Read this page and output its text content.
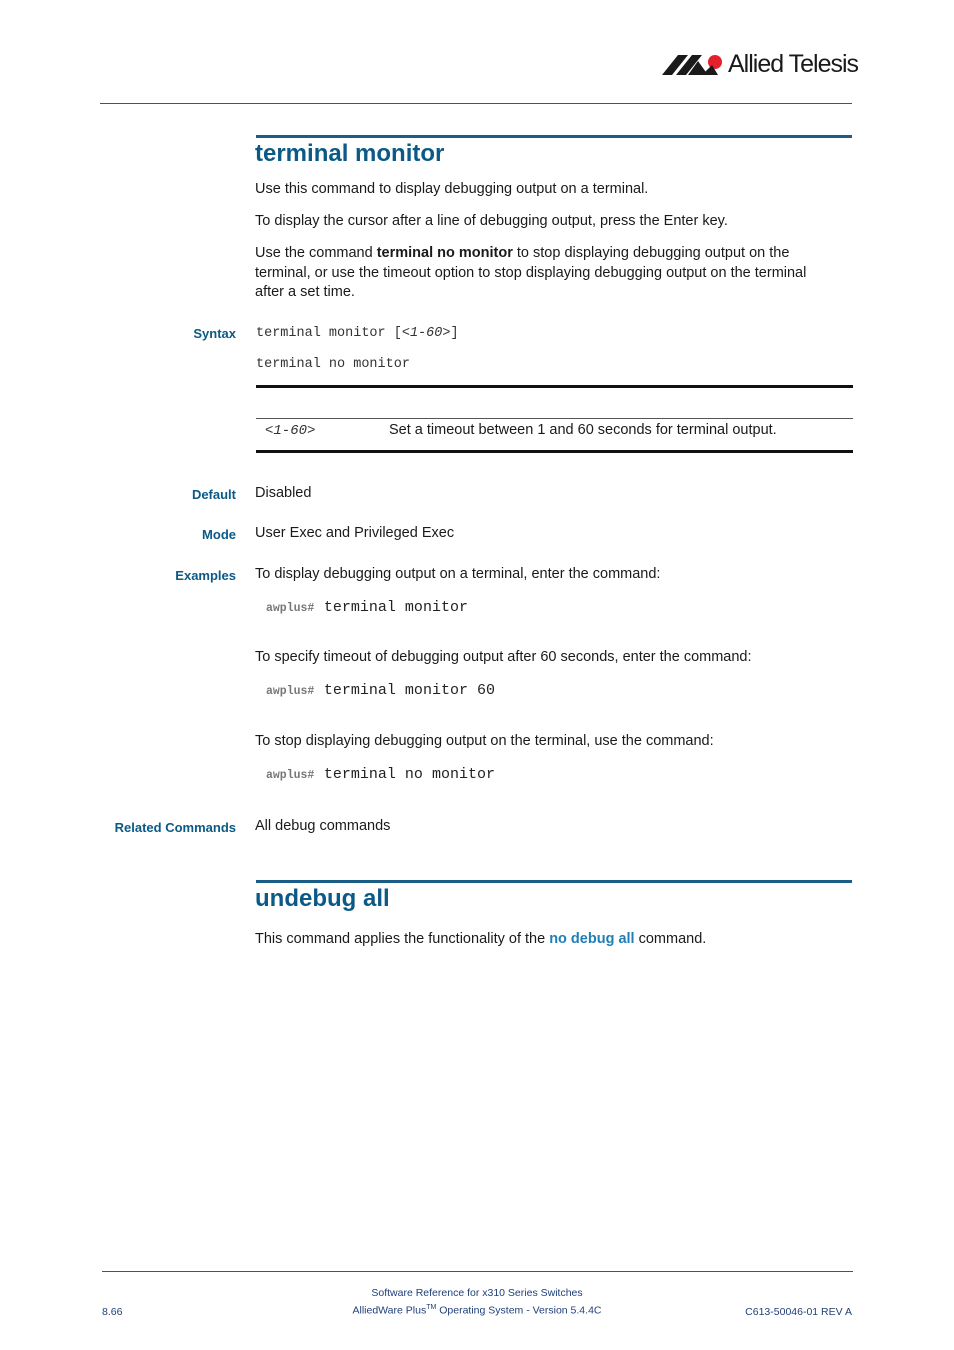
Allied Telesis
terminal monitor
Use this command to display debugging output on a terminal.
To display the cursor after a line of debugging output, press the Enter key.
Use the command terminal no monitor to stop displaying debugging output on the
terminal, or use the timeout option to stop displaying debugging output on the terminal
after a set time.
Syntax terminal monitor [<1-60>]
terminal no monitor
<1-60>	Set a timeout between 1 and 60 seconds for terminal output.
Default Disabled
Mode User Exec and Privileged Exec
Examples To display debugging output on a terminal, enter the command:
awplus# terminal monitor
To specify timeout of debugging output after 60 seconds, enter the command:
awplus# terminal monitor 60
To stop displaying debugging output on the terminal, use the command:
awplus# terminal no monitor
Related Commands All debug commands
undebug all
This command applies the functionality of the no debug all command.
Software Reference for x310 Series Switches
AlliedWare Plus™ Operating System - Version 5.4.4C
8.66	C613-50046-01 REV A
